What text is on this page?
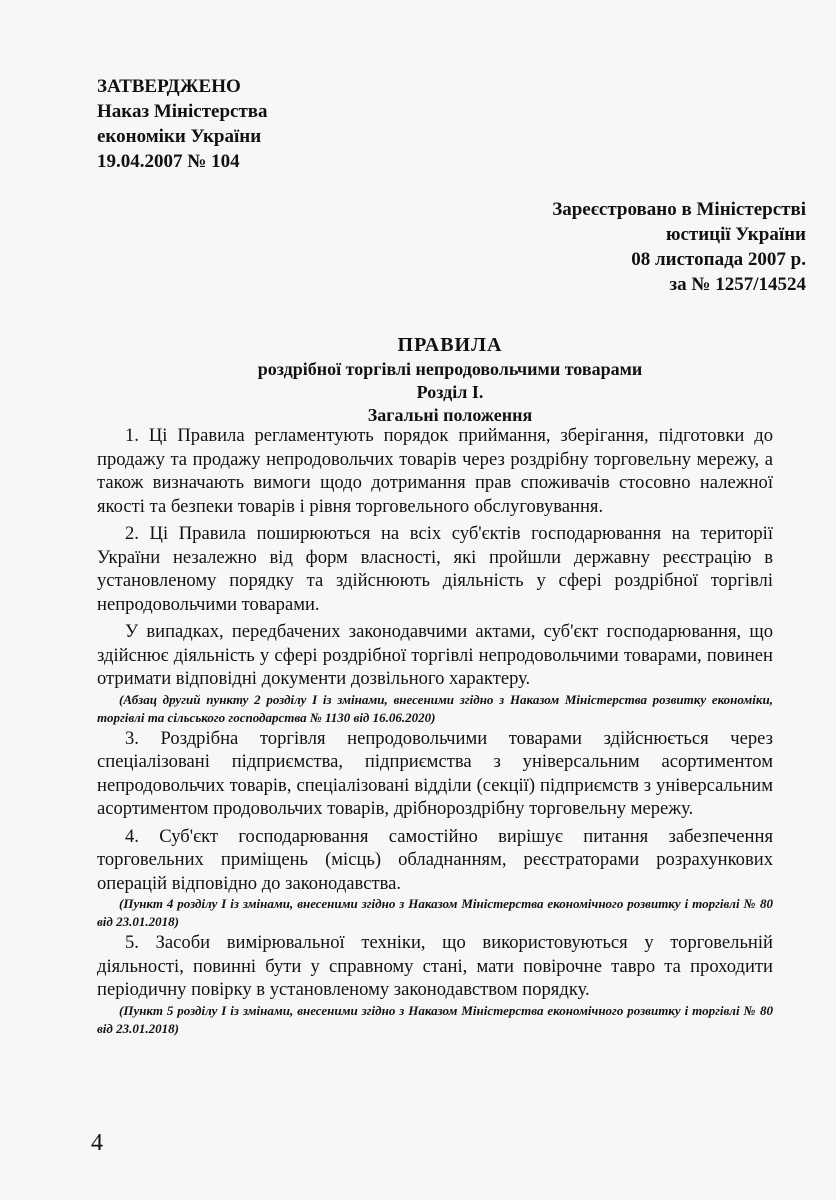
ЗАТВЕРДЖЕНО
Наказ Міністерства
економіки України
19.04.2007 № 104
Зареєстровано в Міністерстві
юстиції України
08 листопада 2007 р.
за № 1257/14524
ПРАВИЛА
роздрібної торгівлі непродовольчими товарами
Розділ І.
Загальні положення

1. Ці Правила регламентують порядок приймання, зберігання, підготовки до продажу та продажу непродовольчих товарів через роздрібну торговельну мережу, а також визначають вимоги щодо дотримання прав споживачів стосовно належної якості та безпеки товарів і рівня торговельного обслуговування.

2. Ці Правила поширюються на всіх суб'єктів господарювання на території України незалежно від форм власності, які пройшли державну реєстрацію в установленому порядку та здійснюють діяльність у сфері роздрібної торгівлі непродовольчими товарами.

У випадках, передбачених законодавчими актами, суб'єкт господарювання, що здійснює діяльність у сфері роздрібної торгівлі непродовольчими товарами, повинен отримати відповідні документи дозвільного характеру.

(Абзац другий пункту 2 розділу I із змінами, внесеними згідно з Наказом Міністерства розвитку економіки, торгівлі та сільського господарства № 1130 від 16.06.2020)

3. Роздрібна торгівля непродовольчими товарами здійснюється через спеціалізовані підприємства, підприємства з універсальним асортиментом непродовольчих товарів, спеціалізовані відділи (секції) підприємств з універсальним асортиментом продовольчих товарів, дрібнороздрібну торговельну мережу.

4. Суб'єкт господарювання самостійно вирішує питання забезпечення торговельних приміщень (місць) обладнанням, реєстраторами розрахункових операцій відповідно до законодавства.

(Пункт 4 розділу I із змінами, внесеними згідно з Наказом Міністерства економічного розвитку і торгівлі № 80 від 23.01.2018)

5. Засоби вимірювальної техніки, що використовуються у торговельній діяльності, повинні бути у справному стані, мати повірочне тавро та проходити періодичну повірку в установленому законодавством порядку.

(Пункт 5 розділу I із змінами, внесеними згідно з Наказом Міністерства економічного розвитку і торгівлі № 80 від 23.01.2018)

4
